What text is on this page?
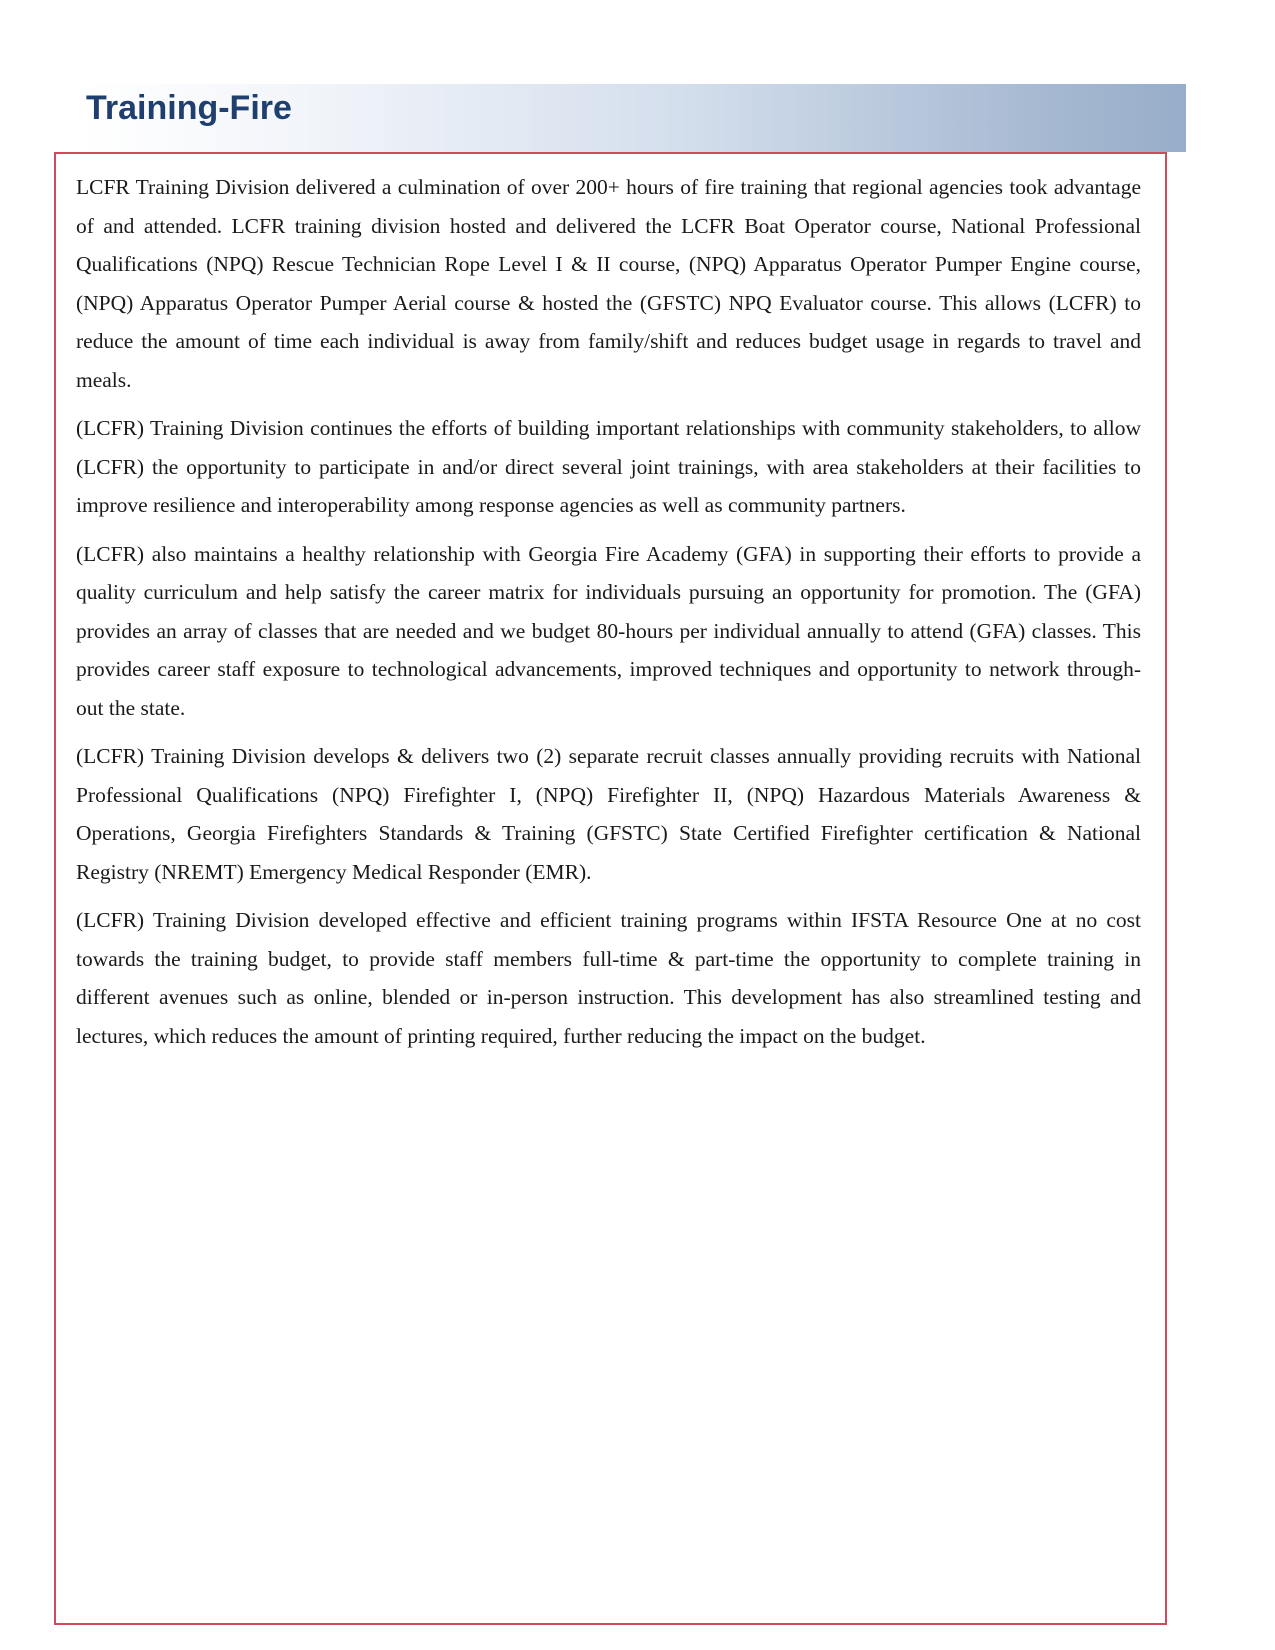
Training-Fire

LCFR Training Division delivered a culmination of over 200+ hours of fire training that regional agencies took advantage of and attended. LCFR training division hosted and delivered the LCFR Boat Operator course, National Professional Qualifications (NPQ) Rescue Technician Rope Level I & II course, (NPQ) Apparatus Operator Pumper Engine course, (NPQ) Apparatus Operator Pumper Aerial course & hosted the (GFSTC) NPQ Evaluator course. This allows (LCFR) to reduce the amount of time each individual is away from family/shift and reduces budget usage in regards to travel and meals.

(LCFR) Training Division continues the efforts of building important relationships with community stakeholders, to allow (LCFR) the opportunity to participate in and/or direct several joint trainings, with area stakeholders at their facilities to improve resilience and interoperability among response agencies as well as community partners.

(LCFR) also maintains a healthy relationship with Georgia Fire Academy (GFA) in supporting their efforts to provide a quality curriculum and help satisfy the career matrix for individuals pursuing an opportunity for promotion. The (GFA) provides an array of classes that are needed and we budget 80-hours per individual annually to attend (GFA) classes. This provides career staff exposure to technological advancements, improved techniques and opportunity to network through-out the state.

(LCFR) Training Division develops & delivers two (2) separate recruit classes annually providing recruits with National Professional Qualifications (NPQ) Firefighter I, (NPQ) Firefighter II, (NPQ) Hazardous Materials Awareness & Operations, Georgia Firefighters Standards & Training (GFSTC) State Certified Firefighter certification & National Registry (NREMT) Emergency Medical Responder (EMR).

(LCFR) Training Division developed effective and efficient training programs within IFSTA Resource One at no cost towards the training budget, to provide staff members full-time & part-time the opportunity to complete training in different avenues such as online, blended or in-person instruction. This development has also streamlined testing and lectures, which reduces the amount of printing required, further reducing the impact on the budget.
